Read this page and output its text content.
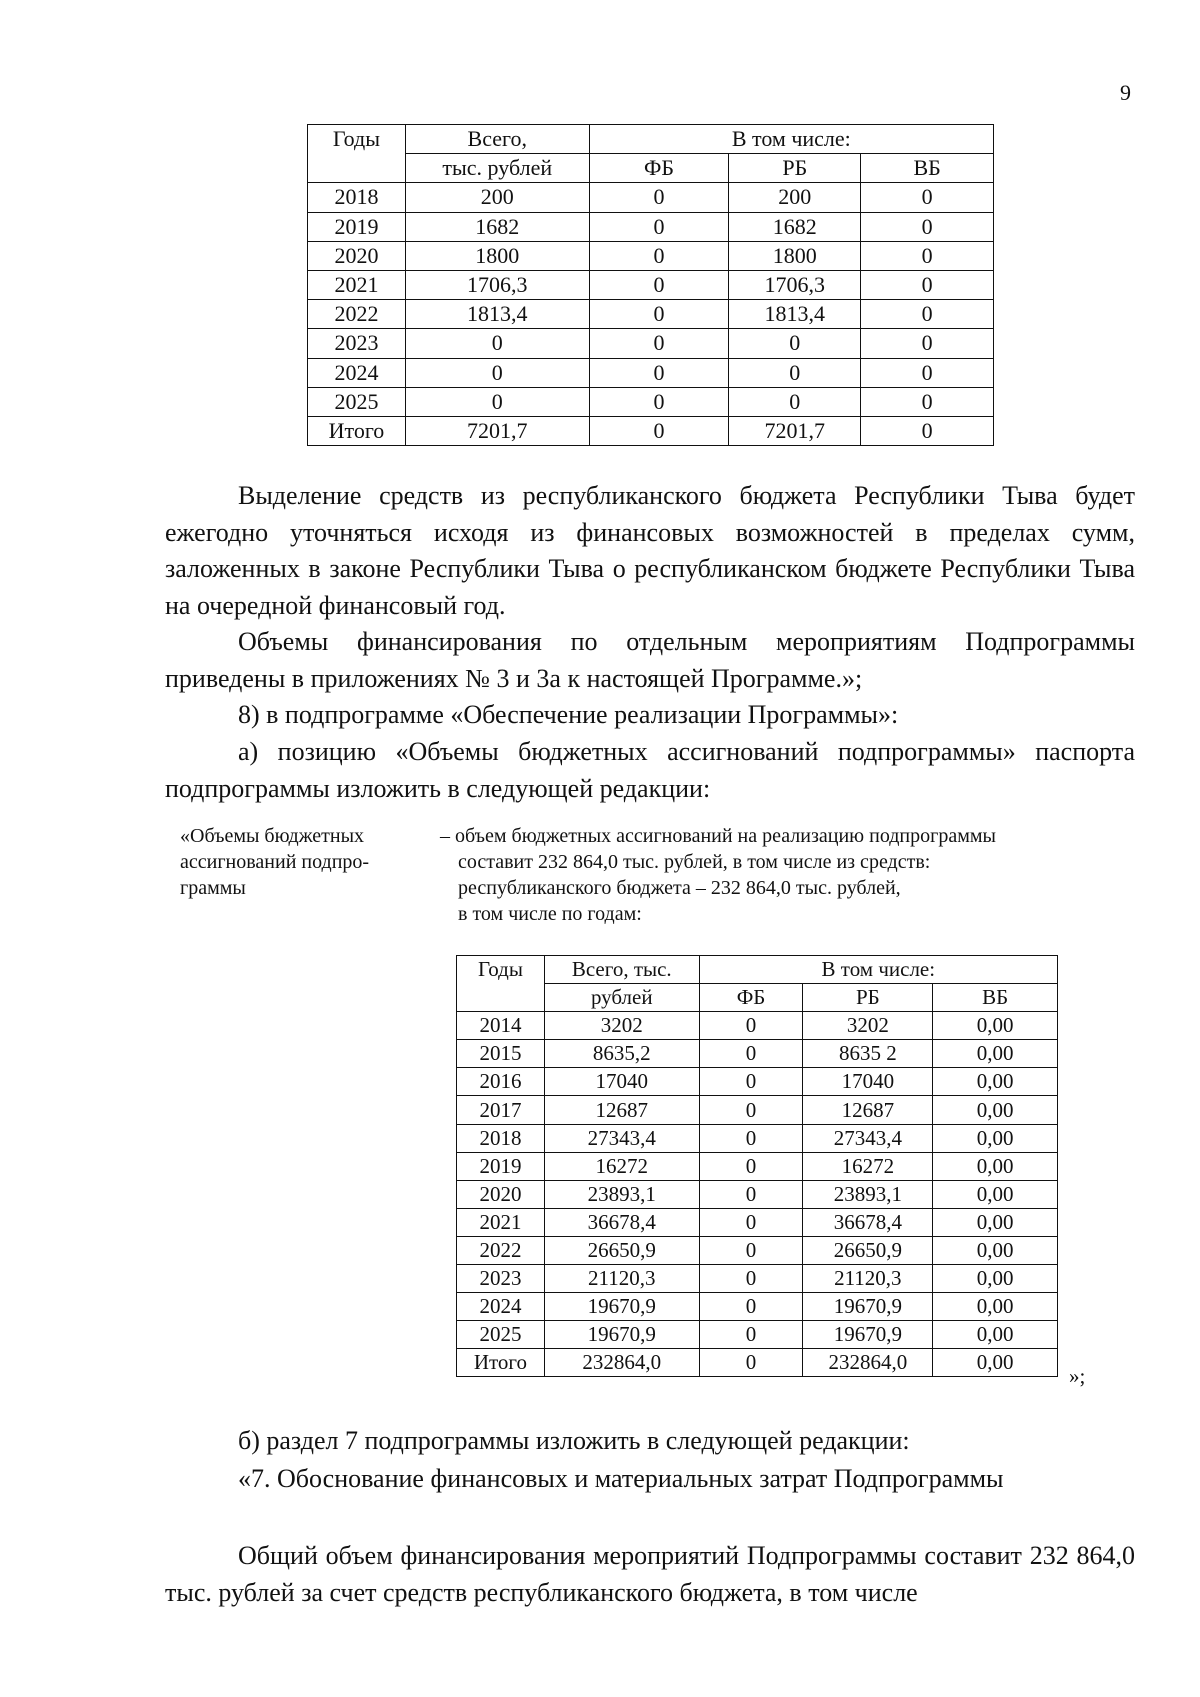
9
Годы	Всего,	В том числе:		
	тыс. рублей	ФБ	РБ	ВБ
2018	200	0	200	0
2019	1682	0	1682	0
2020	1800	0	1800	0
2021	1706,3	0	1706,3	0
2022	1813,4	0	1813,4	0
2023	0	0	0	0
2024	0	0	0	0
2025	0	0	0	0
Итого	7201,7	0	7201,7	0

Выделение средств из республиканского бюджета Республики Тыва будет ежегодно уточняться исходя из финансовых возможностей в пределах сумм, заложенных в законе Республики Тыва о республиканском бюджете Республики Тыва на очередной финансовый год.

Объемы финансирования по отдельным мероприятиям Подпрограммы приведены в приложениях № 3 и 3а к настоящей Программе.»;

8) в подпрограмме «Обеспечение реализации Программы»:

а) позицию «Объемы бюджетных ассигнований подпрограммы» паспорта подпрограммы изложить в следующей редакции:

«Объемы бюджетных
ассигнований подпро-
граммы
– объем бюджетных ассигнований на реализацию подпрограммы
составит 232 864,0 тыс. рублей, в том числе из средств:
республиканского бюджета – 232 864,0 тыс. рублей,
в том числе по годам:
Годы	Всего, тыс.	В том числе:		
	рублей	ФБ	РБ	ВБ
2014	3202	0	3202	0,00
2015	8635,2	0	8635 2	0,00
2016	17040	0	17040	0,00
2017	12687	0	12687	0,00
2018	27343,4	0	27343,4	0,00
2019	16272	0	16272	0,00
2020	23893,1	0	23893,1	0,00
2021	36678,4	0	36678,4	0,00
2022	26650,9	0	26650,9	0,00
2023	21120,3	0	21120,3	0,00
2024	19670,9	0	19670,9	0,00
2025	19670,9	0	19670,9	0,00
Итого	232864,0	0	232864,0	0,00
»;

б) раздел 7 подпрограммы изложить в следующей редакции:

«7. Обоснование финансовых и материальных затрат Подпрограммы

Общий объем финансирования мероприятий Подпрограммы составит 232 864,0 тыс. рублей за счет средств республиканского бюджета, в том числе
